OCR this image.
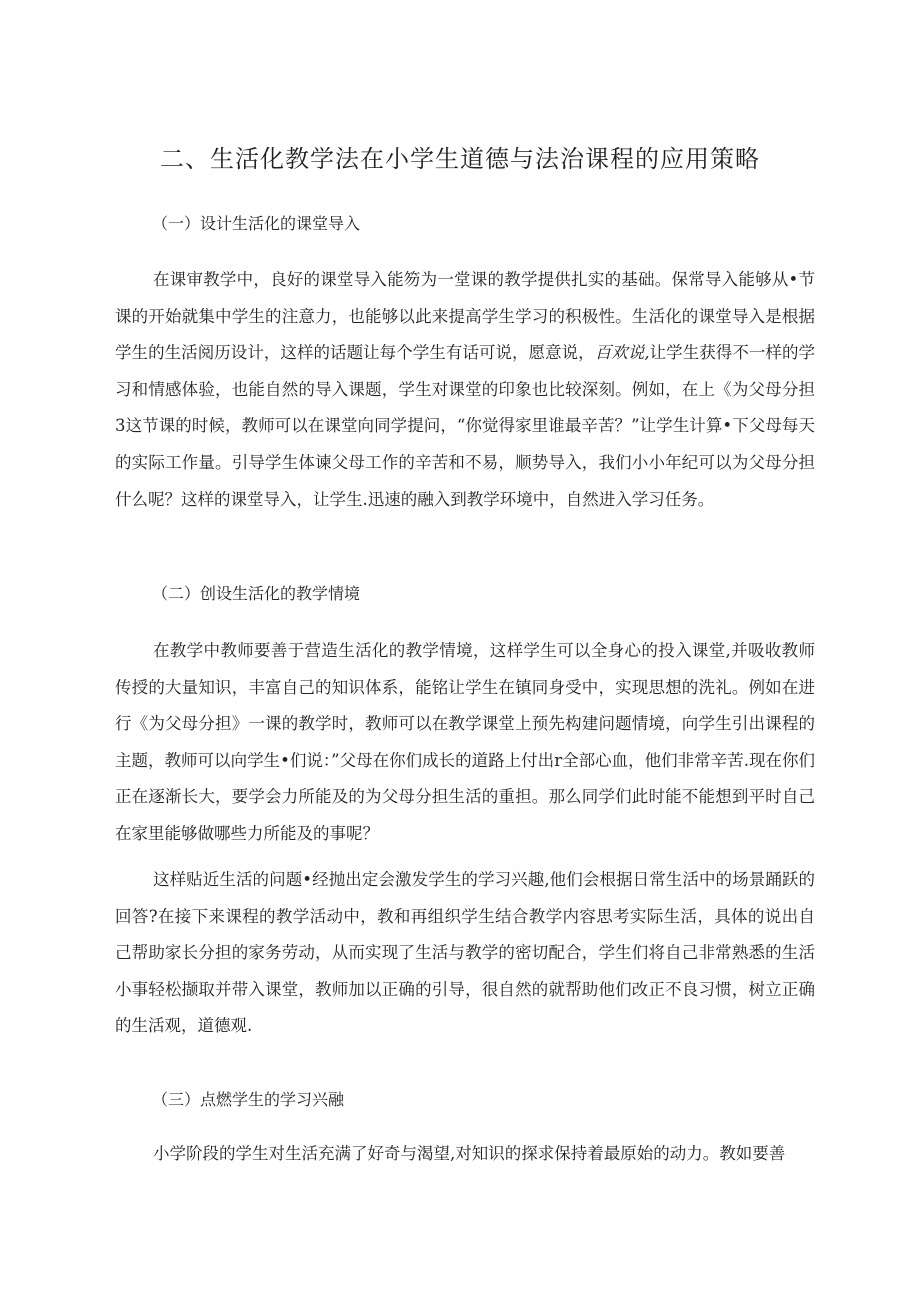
二、生活化教学法在小学生道德与法治课程的应用策略
（一）设计生活化的课堂导入

在课审教学中，良好的课堂导入能笏为一堂课的教学提供扎实的基础。保常导入能够从•节课的开始就集中学生的注意力，也能够以此来提高学生学习的积极性。生活化的课堂导入是根据学生的生活阅历设计，这样的话题让每个学生有话可说，愿意说，百欢说,让学生获得不一样的学习和情感体验，也能自然的导入课题，学生对课堂的印象也比较深刻。例如，在上《为父母分担3这节课的时候，教师可以在课堂向同学提问，“你觉得家里谁最辛苦？”让学生计算•下父母每天的实际工作量。引导学生体谏父母工作的辛苦和不易，顺势导入，我们小小年纪可以为父母分担什么呢？这样的课堂导入，让学生.迅速的融入到教学环境中，自然进入学习任务。

（二）创设生活化的教学情境

在教学中教师要善于营造生活化的教学情境，这样学生可以全身心的投入课堂,并吸收教师传授的大量知识，丰富自己的知识体系，能铭让学生在镇同身受中，实现思想的洗礼。例如在进行《为父母分担》一课的教学时，教师可以在教学课堂上预先构建问题情境，向学生引出课程的主题，教师可以向学生•们说：”父母在你们成长的道路上付出r全部心血，他们非常辛苦.现在你们正在逐渐长大，要学会力所能及的为父母分担生活的重担。那么同学们此时能不能想到平时自己在家里能够做哪些力所能及的事呢？

这样贴近生活的问题•经抛出定会激发学生的学习兴趣,他们会根据日常生活中的场景踊跃的回答?在接下来课程的教学活动中，教和再组织学生结合教学内容思考实际生活，具体的说出自己帮助家长分担的家务劳动，从而实现了生活与教学的密切配合，学生们将自己非常熟悉的生活小事轻松撷取并带入课堂，教师加以正确的引导，很自然的就帮助他们改正不良习惯，树立正确的生活观，道德观.

（三）点燃学生的学习兴融

小学阶段的学生对生活充满了好奇与渴望,对知识的探求保持着最原始的动力。教如要善
